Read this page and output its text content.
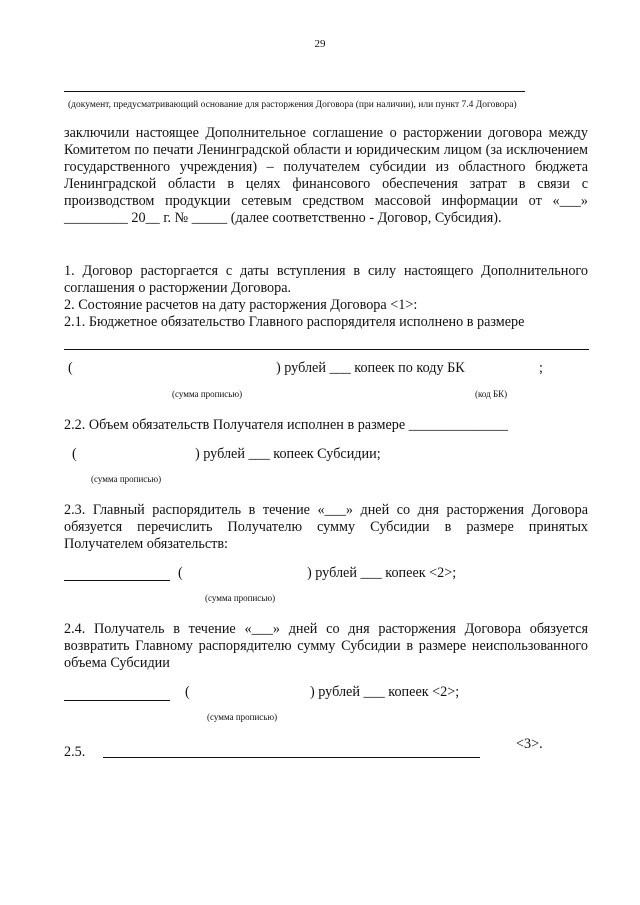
29
(документ, предусматривающий основание для расторжения Договора (при наличии), или пункт 7.4 Договора)
заключили настоящее Дополнительное соглашение о расторжении договора между Комитетом по печати Ленинградской области и юридическим лицом (за исключением государственного учреждения) – получателем субсидии из областного бюджета Ленинградской области в целях финансового обеспечения затрат в связи с производством продукции сетевым средством массовой информации от «___» _________ 20__ г. № _____ (далее соответственно - Договор, Субсидия).
1. Договор расторгается с даты вступления в силу настоящего Дополнительного соглашения о расторжении Договора.
2. Состояние расчетов на дату расторжения Договора <1>:
2.1. Бюджетное обязательство Главного распорядителя исполнено в размере
(	) рублей ___ копеек по коду БК	;
(сумма прописью)	(код БК)
2.2. Объем обязательств Получателя исполнен в размере ______________
(	) рублей ___ копеек Субсидии;
(сумма прописью)
2.3. Главный распорядитель в течение «___» дней со дня расторжения Договора обязуется перечислить Получателю сумму Субсидии в размере принятых Получателем обязательств:
(	) рублей ___ копеек <2>;
(сумма прописью)
2.4. Получатель в течение «___» дней со дня расторжения Договора обязуется возвратить Главному распорядителю сумму Субсидии в размере неиспользованного объема Субсидии
(	) рублей ___ копеек <2>;
(сумма прописью)
2.5.	<3>.
